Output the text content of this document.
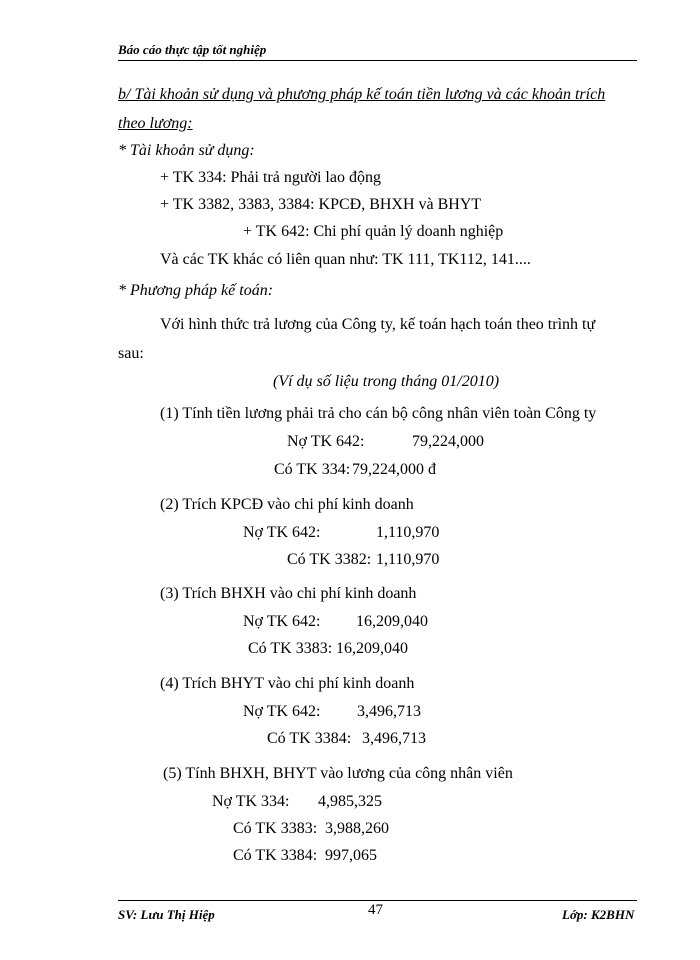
Báo cáo thực tập tốt nghiệp
b/ Tài khoản sử dụng và phương pháp kế toán tiền lương và các khoản trích
theo lương:
* Tài khoản sử dụng:
+ TK 334: Phải trả người lao động
+ TK 3382, 3383, 3384: KPCĐ, BHXH và BHYT
+ TK 642: Chi phí quản lý doanh nghiệp
Và các TK khác có liên quan như: TK 111, TK112, 141....
* Phương pháp kế toán:
Với hình thức trả lương của Công ty, kế toán hạch toán theo trình tự
sau:
(Ví dụ số liệu trong tháng 01/2010)
(1) Tính tiền lương phải trả cho cán bộ công nhân viên toàn Công ty
Nợ TK 642:	79,224,000
Có TK 334: 79,224,000 đ
(2) Trích KPCĐ vào chi phí kinh doanh
Nợ TK 642:	1,110,970
Có TK 3382: 1,110,970
(3) Trích BHXH vào chi phí kinh doanh
Nợ TK 642: 16,209,040
Có TK 3383: 16,209,040
(4) Trích BHYT vào chi phí kinh doanh
Nợ TK 642: 3,496,713
Có TK 3384: 3,496,713
(5) Tính BHXH, BHYT vào lương của công nhân viên
Nợ TK 334: 4,985,325
Có TK 3383: 3,988,260
Có TK 3384: 997,065
SV: Lưu Thị Hiệp	47	Lớp: K2BHN
